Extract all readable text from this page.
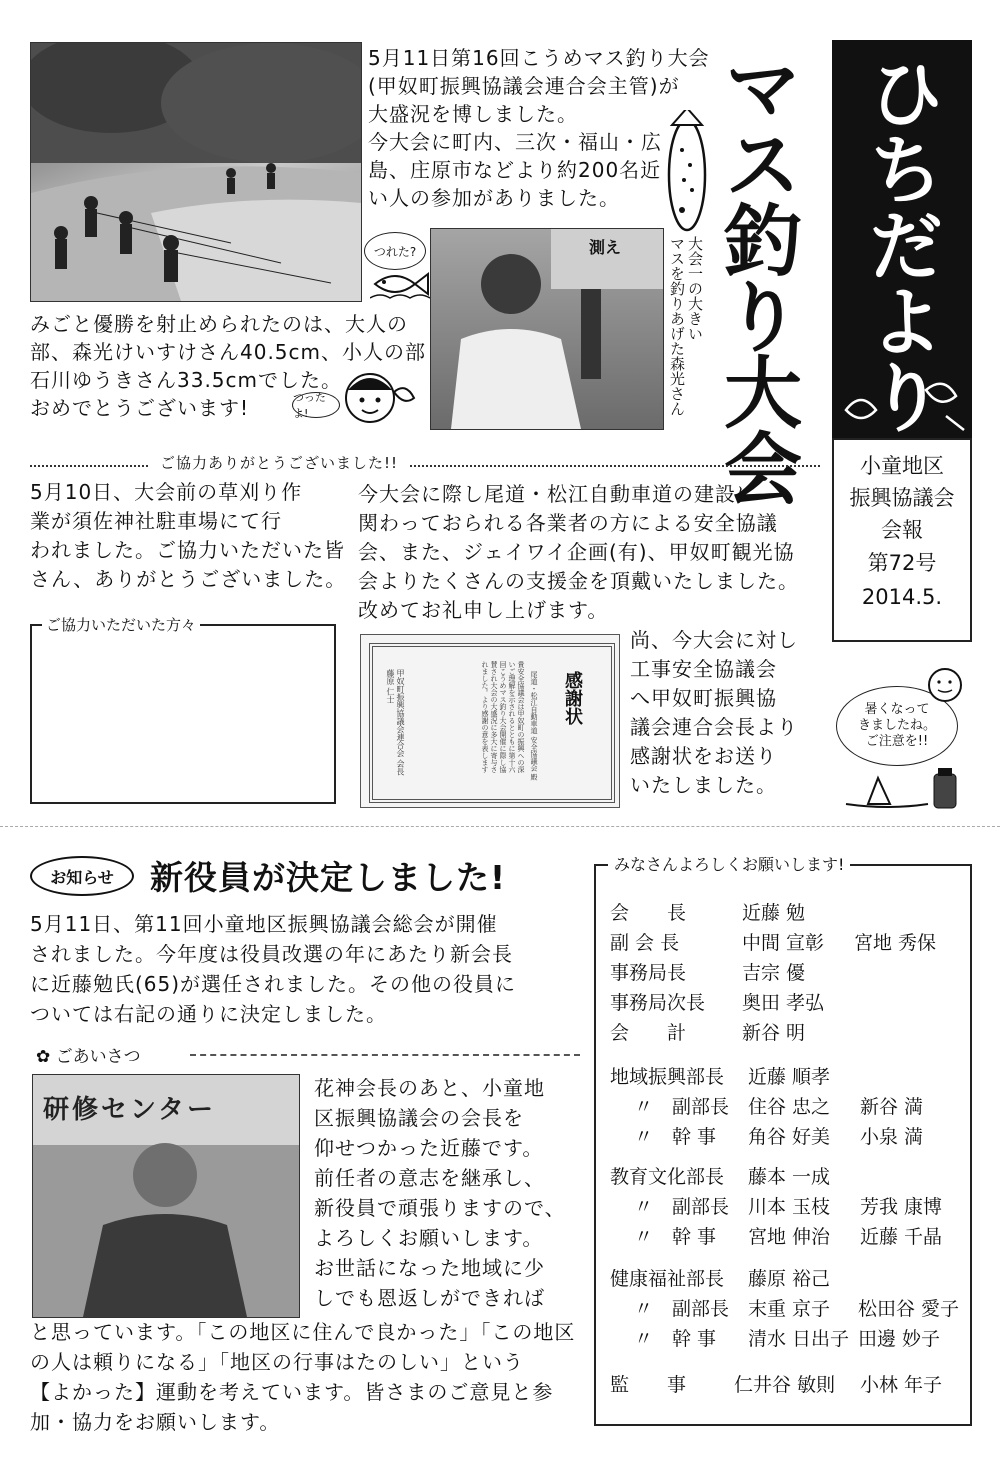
5月11日第16回こうめマス釣り大会
(甲奴町振興協議会連合会主管)が
大盛況を博しました。
今大会に町内、三次・福山・広
島、庄原市などより約200名近
い人の参加がありました。	マス釣り大会
つれた?	測え	大会一の大きい
マスを釣りあげた森光さん
みごと優勝を射止められたのは、大人の
部、森光けいすけさん40.5cm、小人の部
石川ゆうきさん33.5cmでした。
おめでとうございます!	つったよ!
ご協力ありがとうございました!!
5月10日、大会前の草刈り作
業が須佐神社駐車場にて行
われました。ご協力いただいた皆
さん、ありがとうございました。
今大会に際し尾道・松江自動車道の建設に
関わっておられる各業者の方による安全協議
会、また、ジェイワイ企画(有)、甲奴町観光協
会よりたくさんの支援金を頂戴いたしました。
改めてお礼申し上げます。
ご協力いただいた方々
感謝状
尾道・松江自動車道 安全協議会 殿
貴安全協議会は甲奴町の振興への深いご理解を示されるとともに第十六回こうめマス釣り大会開催に際し協賛され大会の大盛況に多大に寄与されました。より感謝の意を表します
甲奴町振興協議会連合会 会長 藤原 仁士
尚、今大会に対し
工事安全協議会
へ甲奴町振興協
議会連合会長より
感謝状をお送り
いたしました。
ひちだより
小童地区
振興協議会
会報
第72号
2014.5.
暑くなって
きましたね。
ご注意を!!
お知らせ 新役員が決定しました!
5月11日、第11回小童地区振興協議会総会が開催
されました。今年度は役員改選の年にあたり新会長
に近藤勉氏(65)が選任されました。その他の役員に
ついては右記の通りに決定しました。
✿ ごあいさつ
研修センター
花神会長のあと、小童地
区振興協議会の会長を
仰せつかった近藤です。
前任者の意志を継承し、
新役員で頑張りますので、
よろしくお願いします。
お世話になった地域に少
しでも恩返しができれば
と思っています。「この地区に住んで良かった」「この地区
の人は頼りになる」「地区の行事はたのしい」という
【よかった】運動を考えています。皆さまのご意見と参
加・協力をお願いします。
会　　長	近藤 勉
副 会 長	中間 宣彰 宮地 秀保
事務局長	吉宗 優
事務局次長 奥田 孝弘
会　　計	新谷 明
地域振興部長 近藤 順孝
〃　副部長 住谷 忠之 新谷 満
〃　幹 事 角谷 好美 小泉 満
教育文化部長 藤本 一成
〃　副部長 川本 玉枝 芳我 康博
〃　幹 事 宮地 伸治 近藤 千晶
健康福祉部長 藤原 裕己
〃　副部長 末重 京子 松田谷 愛子
〃　幹 事 清水 日出子 田邊 妙子
監　　事	仁井谷 敏則 小林 年子
みなさんよろしくお願いします!
